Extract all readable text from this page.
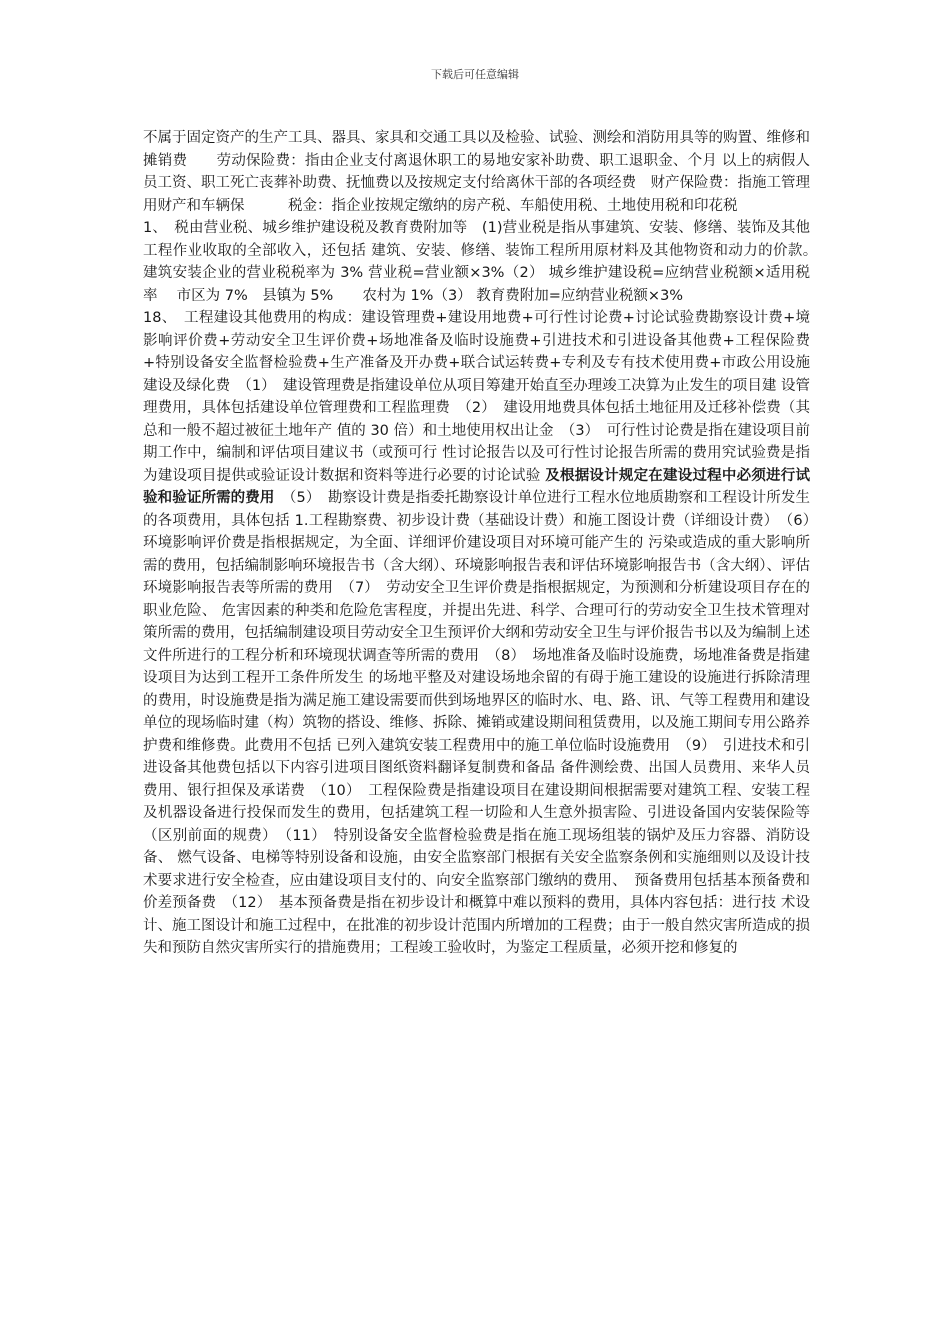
下载后可任意编辑

不属于固定资产的生产工具、器具、家具和交通工具以及检验、试验、测绘和消防用具等的购置、维修和摊销费　　劳动保险费：指由企业支付离退休职工的易地安家补助费、职工退职金、个月 以上的病假人员工资、职工死亡丧葬补助费、抚恤费以及按规定支付给离休干部的各项经费　财产保险费：指施工管理用财产和车辆保　　　税金：指企业按规定缴纳的房产税、车船使用税、土地使用税和印花税

1、　税由营业税、城乡维护建设税及教育费附加等　(1)营业税是指从事建筑、安装、修缮、装饰及其他工程作业收取的全部收入，还包括 建筑、安装、修缮、装饰工程所用原材料及其他物资和动力的价款。　建筑安装企业的营业税税率为 3% 营业税=营业额×3%（2） 城乡维护建设税=应纳营业税额×适用税率　 市区为 7%　县镇为 5%　　农村为 1%（3） 教育费附加=应纳营业税额×3%

18、　工程建设其他费用的构成：建设管理费+建设用地费+可行性讨论费+讨论试验费勘察设计费+境影响评价费+劳动安全卫生评价费+场地准备及临时设施费+引进技术和引进设备其他费+工程保险费+特别设备安全监督检验费+生产准备及开办费+联合试运转费+专利及专有技术使用费+市政公用设施建设及绿化费　（1）　建设管理费是指建设单位从项目筹建开始直至办理竣工决算为止发生的项目建 设管理费用，具体包括建设单位管理费和工程监理费　（2）　建设用地费具体包括土地征用及迁移补偿费（其总和一般不超过被征土地年产 值的 30 倍）和土地使用权出让金　（3）　可行性讨论费是指在建设项目前期工作中，编制和评估项目建议书（或预可行 性讨论报告以及可行性讨论报告所需的费用究试验费是指为建设项目提供或验证设计数据和资料等进行必要的讨论试验 及根据设计规定在建设过程中必须进行试验和验证所需的费用　（5）　勘察设计费是指委托勘察设计单位进行工程水位地质勘察和工程设计所发生的各项费用，具体包括 1.工程勘察费、初步设计费（基础设计费）和施工图设计费（详细设计费）　（6）　环境影响评价费是指根据规定，为全面、详细评价建设项目对环境可能产生的 污染或造成的重大影响所需的费用，包括编制影响环境报告书（含大纲）、环境影响报告表和评估环境影响报告书（含大纲）、评估环境影响报告表等所需的费用　（7）　劳动安全卫生评价费是指根据规定，为预测和分析建设项目存在的职业危险、 危害因素的种类和危险危害程度，并提出先进、科学、合理可行的劳动安全卫生技术管理对策所需的费用，包括编制建设项目劳动安全卫生预评价大纲和劳动安全卫生与评价报告书以及为编制上述文件所进行的工程分析和环境现状调查等所需的费用　（8）　场地准备及临时设施费，场地准备费是指建设项目为达到工程开工条件所发生 的场地平整及对建设场地余留的有碍于施工建设的设施进行拆除清理的费用，时设施费是指为满足施工建设需要而供到场地界区的临时水、电、路、讯、气等工程费用和建设单位的现场临时建（构）筑物的搭设、维修、拆除、摊销或建设期间租赁费用，以及施工期间专用公路养护费和维修费。此费用不包括 已列入建筑安装工程费用中的施工单位临时设施费用　（9）　引进技术和引进设备其他费包括以下内容引进项目图纸资料翻译复制费和备品 备件测绘费、出国人员费用、来华人员费用、银行担保及承诺费　（10）　工程保险费是指建设项目在建设期间根据需要对建筑工程、安装工程及机器设备进行投保而发生的费用，包括建筑工程一切险和人生意外损害险、引进设备国内安装保险等（区别前面的规费）　（11）　特别设备安全监督检验费是指在施工现场组装的锅炉及压力容器、消防设备、 燃气设备、电梯等特别设备和设施，由安全监察部门根据有关安全监察条例和实施细则以及设计技术要求进行安全检查，应由建设项目支付的、向安全监察部门缴纳的费用、　预备费用包括基本预备费和价差预备费　（12）　基本预备费是指在初步设计和概算中难以预料的费用，具体内容包括：进行技 术设计、施工图设计和施工过程中，在批准的初步设计范围内所增加的工程费；由于一般自然灾害所造成的损失和预防自然灾害所实行的措施费用；工程竣工验收时，为鉴定工程质量，必须开挖和修复的
